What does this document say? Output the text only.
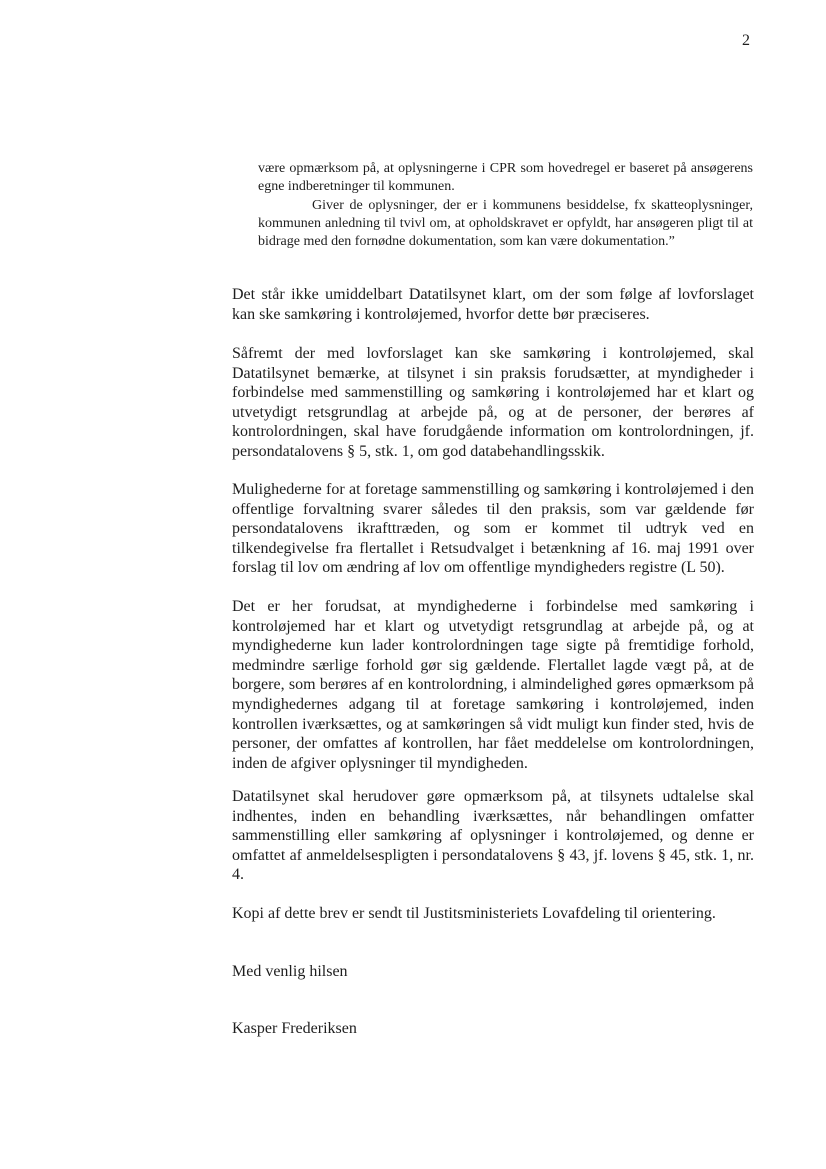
2

være opmærksom på, at oplysningerne i CPR som hovedregel er baseret på ansøgerens egne indberetninger til kommunen.

Giver de oplysninger, der er i kommunens besiddelse, fx skatteoplysninger, kommunen anledning til tvivl om, at opholdskravet er opfyldt, har ansøgeren pligt til at bidrage med den fornødne dokumentation, som kan være dokumentation.”

Det står ikke umiddelbart Datatilsynet klart, om der som følge af lovforslaget kan ske samkøring i kontroløjemed, hvorfor dette bør præciseres.

Såfremt der med lovforslaget kan ske samkøring i kontroløjemed, skal Datatilsynet bemærke, at tilsynet i sin praksis forudsætter, at myndigheder i forbindelse med sammenstilling og samkøring i kontroløjemed har et klart og utvetydigt retsgrundlag at arbejde på, og at de personer, der berøres af kontrolordningen, skal have forudgående information om kontrolordningen, jf. persondatalovens § 5, stk. 1, om god databehandlingsskik.

Mulighederne for at foretage sammenstilling og samkøring i kontroløjemed i den offentlige forvaltning svarer således til den praksis, som var gældende før persondatalovens ikrafttræden, og som er kommet til udtryk ved en tilkendegivelse fra flertallet i Retsudvalget i betænkning af 16. maj 1991 over forslag til lov om ændring af lov om offentlige myndigheders registre (L 50).

Det er her forudsat, at myndighederne i forbindelse med samkøring i kontroløjemed har et klart og utvetydigt retsgrundlag at arbejde på, og at myndighederne kun lader kontrolordningen tage sigte på fremtidige forhold, medmindre særlige forhold gør sig gældende. Flertallet lagde vægt på, at de borgere, som berøres af en kontrolordning, i almindelighed gøres opmærksom på myndighedernes adgang til at foretage samkøring i kontroløjemed, inden kontrollen iværksættes, og at samkøringen så vidt muligt kun finder sted, hvis de personer, der omfattes af kontrollen, har fået meddelelse om kontrolordningen, inden de afgiver oplysninger til myndigheden.

Datatilsynet skal herudover gøre opmærksom på, at tilsynets udtalelse skal indhentes, inden en behandling iværksættes, når behandlingen omfatter sammenstilling eller samkøring af oplysninger i kontroløjemed, og denne er omfattet af anmeldelsespligten i persondatalovens § 43, jf. lovens § 45, stk. 1, nr. 4.

Kopi af dette brev er sendt til Justitsministeriets Lovafdeling til orientering.

Med venlig hilsen

Kasper Frederiksen
